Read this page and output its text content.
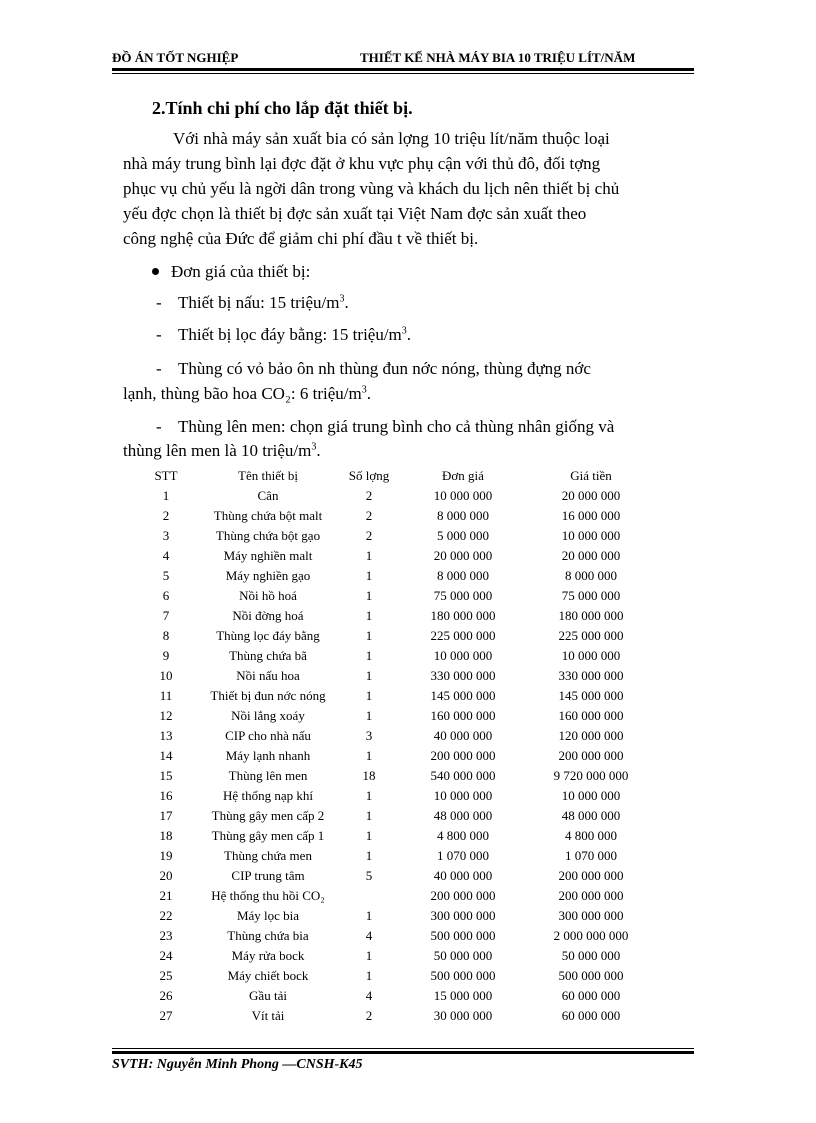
ĐỒ ÁN TỐT NGHIỆP	THIẾT KẾ NHÀ MÁY BIA 10 TRIỆU LÍT/NĂM
2.Tính chi phí cho lắp đặt thiết bị.
Với nhà máy sản xuất bia có sản lợng 10 triệu lít/năm thuộc loại
nhà máy trung bình lại đợc đặt ở khu vực phụ cận với thủ đô, đối tợng
phục vụ chủ yếu là ngời dân trong vùng và khách du lịch nên thiết bị chủ
yếu đợc chọn là thiết bị đợc sản xuất tại Việt Nam đợc sản xuất theo
công nghệ của Đức để giảm chi phí đầu t về thiết bị.
Đơn giá của thiết bị:
- Thiết bị nấu: 15 triệu/$m^3$.
- Thiết bị lọc đáy bằng: 15 triệu/$m^3$.
- Thùng có vỏ bảo ôn nh thùng đun nớc nóng, thùng đựng nớc
lạnh, thùng bão hoa CO₂: 6 triệu/$m^3$.
- Thùng lên men: chọn giá trung bình cho cả thùng nhân giống và
thùng lên men là 10 triệu/$m^3$.
STT	Tên thiết bị	Số lợng	Đơn giá	Giá tiền
1	Cân	2	10 000 000	20 000 000
2	Thùng chứa bột malt	2	8 000 000	16 000 000
3	Thùng chứa bột gạo	2	5 000 000	10 000 000
4	Máy nghiền malt	1	20 000 000	20 000 000
5	Máy nghiền gạo	1	8 000 000	8 000 000
6	Nồi hồ hoá	1	75 000 000	75 000 000
7	Nồi đờng hoá	1	180 000 000	180 000 000
8	Thùng lọc đáy bằng	1	225 000 000	225 000 000
9	Thùng chứa bã	1	10 000 000	10 000 000
10	Nồi nấu hoa	1	330 000 000	330 000 000
11	Thiết bị đun nớc nóng	1	145 000 000	145 000 000
12	Nồi lắng xoáy	1	160 000 000	160 000 000
13	CIP cho nhà nấu	3	40 000 000	120 000 000
14	Máy lạnh nhanh	1	200 000 000	200 000 000
15	Thùng lên men	18	540 000 000	9 720 000 000
16	Hệ thống nạp khí	1	10 000 000	10 000 000
17	Thùng gây men cấp 2	1	48 000 000	48 000 000
18	Thùng gây men cấp 1	1	4 800 000	4 800 000
19	Thùng chứa men	1	1 070 000	1 070 000
20	CIP trung tâm	5	40 000 000	200 000 000
21	Hệ thống thu hồi CO₂		200 000 000	200 000 000
22	Máy lọc bia	1	300 000 000	300 000 000
23	Thùng chứa bia	4	500 000 000	2 000 000 000
24	Máy rửa bock	1	50 000 000	50 000 000
25	Máy chiết bock	1	500 000 000	500 000 000
26	Gầu tải	4	15 000 000	60 000 000
27	Vít tải	2	30 000 000	60 000 000
SVTH: Nguyễn Minh Phong —CNSH-K45
